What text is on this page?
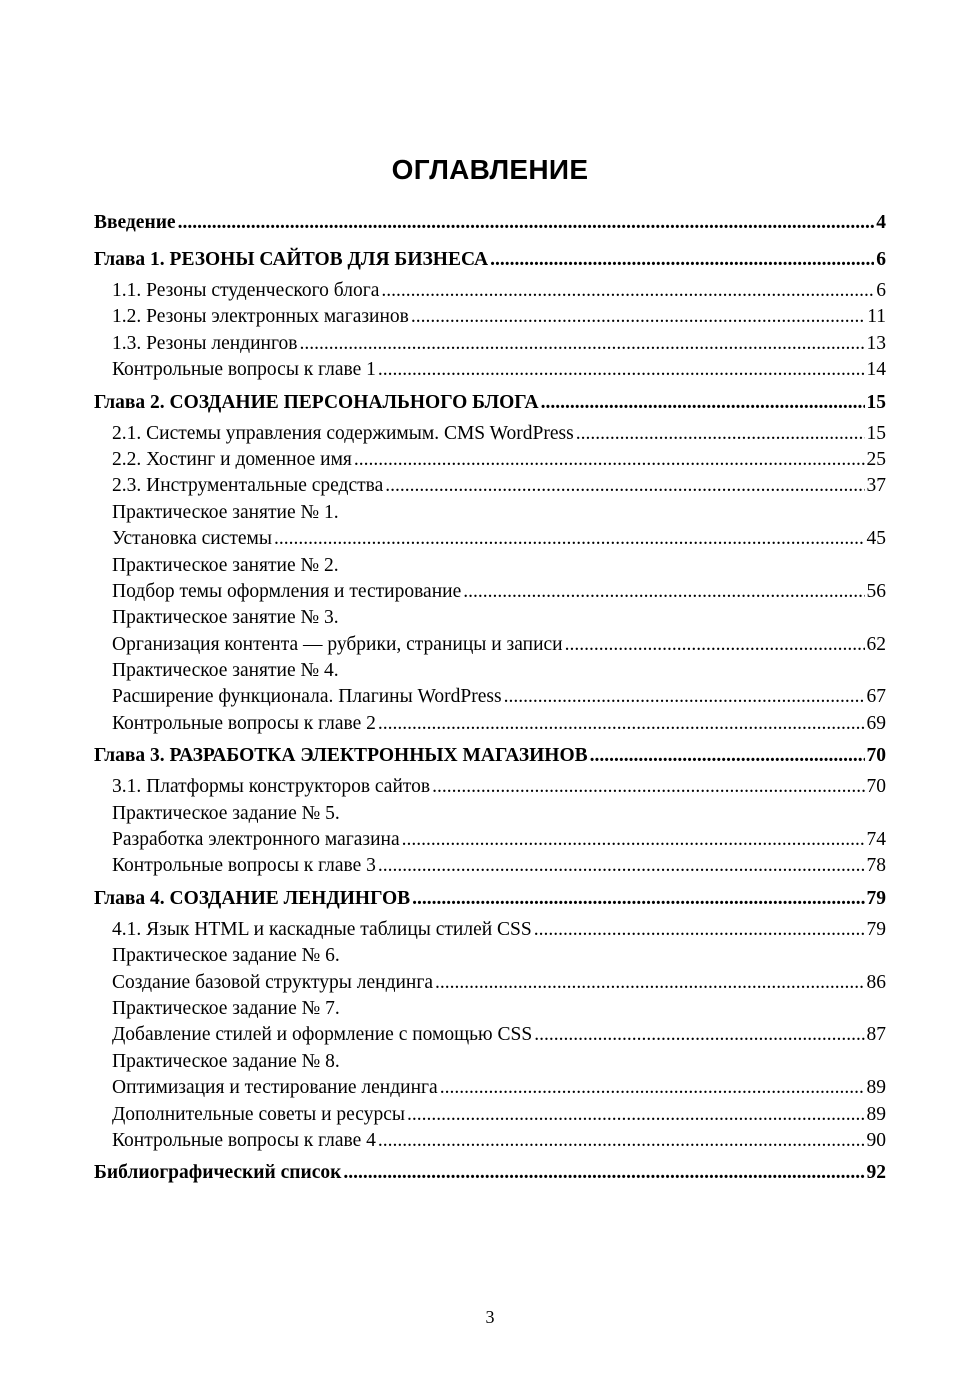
ОГЛАВЛЕНИЕ
Введение .....	4
Глава 1. РЕЗОНЫ САЙТОВ ДЛЯ БИЗНЕСА .....	6
1.1. Резоны студенческого блога .....	6
1.2. Резоны электронных магазинов .....	11
1.3. Резоны лендингов .....	13
Контрольные вопросы к главе 1 .....	14
Глава 2. СОЗДАНИЕ ПЕРСОНАЛЬНОГО БЛОГА .....	15
2.1. Системы управления содержимым. CMS WordPress .....	15
2.2. Хостинг и доменное имя .....	25
2.3. Инструментальные средства .....	37
Практическое занятие № 1.
Установка системы .....	45
Практическое занятие № 2.
Подбор темы оформления и тестирование .....	56
Практическое занятие № 3.
Организация контента — рубрики, страницы и записи .....	62
Практическое занятие № 4.
Расширение функционала. Плагины WordPress .....	67
Контрольные вопросы к главе 2 .....	69
Глава 3. РАЗРАБОТКА ЭЛЕКТРОННЫХ МАГАЗИНОВ .....	70
3.1. Платформы конструкторов сайтов .....	70
Практическое задание № 5.
Разработка электронного магазина .....	74
Контрольные вопросы к главе 3 .....	78
Глава 4. СОЗДАНИЕ ЛЕНДИНГОВ .....	79
4.1. Язык HTML и каскадные таблицы стилей CSS .....	79
Практическое задание № 6.
Создание базовой структуры лендинга .....	86
Практическое задание № 7.
Добавление стилей и оформление с помощью CSS .....	87
Практическое задание № 8.
Оптимизация и тестирование лендинга .....	89
Дополнительные советы и ресурсы .....	89
Контрольные вопросы к главе 4 .....	90
Библиографический список .....	92
3
